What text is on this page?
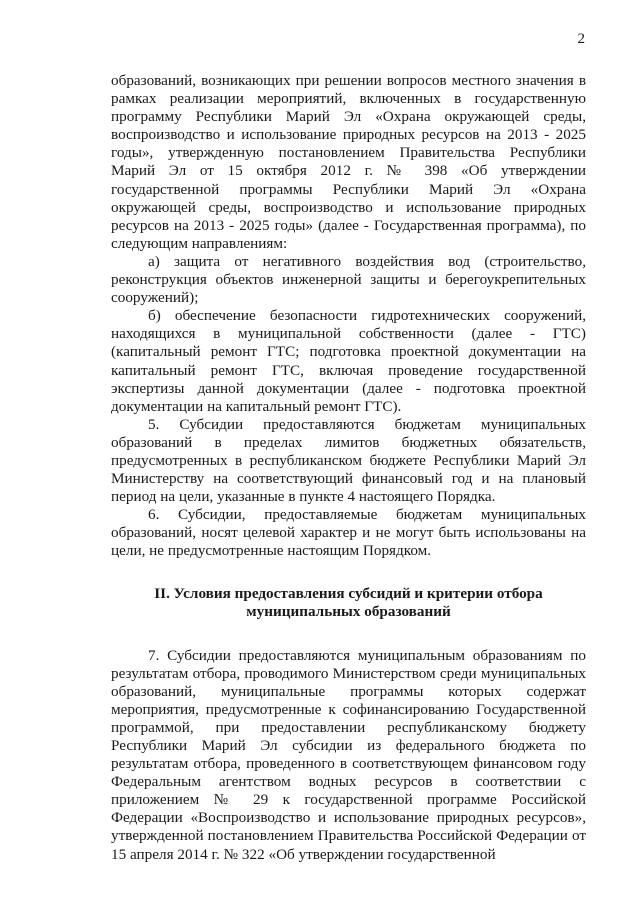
2

образований, возникающих при решении вопросов местного значения в рамках реализации мероприятий, включенных в государственную программу Республики Марий Эл «Охрана окружающей среды, воспроизводство и использование природных ресурсов на 2013 - 2025 годы», утвержденную постановлением Правительства Республики Марий Эл от 15 октября 2012 г. № 398 «Об утверждении государственной программы Республики Марий Эл «Охрана окружающей среды, воспроизводство и использование природных ресурсов на 2013 - 2025 годы» (далее - Государственная программа), по следующим направлениям:

а) защита от негативного воздействия вод (строительство, реконструкция объектов инженерной защиты и берегоукрепительных сооружений);

б) обеспечение безопасности гидротехнических сооружений, находящихся в муниципальной собственности (далее - ГТС) (капитальный ремонт ГТС; подготовка проектной документации на капитальный ремонт ГТС, включая проведение государственной экспертизы данной документации (далее - подготовка проектной документации на капитальный ремонт ГТС).

5. Субсидии предоставляются бюджетам муниципальных образований в пределах лимитов бюджетных обязательств, предусмотренных в республиканском бюджете Республики Марий Эл Министерству на соответствующий финансовый год и на плановый период на цели, указанные в пункте 4 настоящего Порядка.

6. Субсидии, предоставляемые бюджетам муниципальных образований, носят целевой характер и не могут быть использованы на цели, не предусмотренные настоящим Порядком.

II. Условия предоставления субсидий и критерии отбора
муниципальных образований

7. Субсидии предоставляются муниципальным образованиям по результатам отбора, проводимого Министерством среди муниципальных образований, муниципальные программы которых содержат мероприятия, предусмотренные к софинансированию Государственной программой, при предоставлении республиканскому бюджету Республики Марий Эл субсидии из федерального бюджета по результатам отбора, проведенного в соответствующем финансовом году Федеральным агентством водных ресурсов в соответствии с приложением № 29 к государственной программе Российской Федерации «Воспроизводство и использование природных ресурсов», утвержденной постановлением Правительства Российской Федерации от 15 апреля 2014 г. № 322 «Об утверждении государственной
